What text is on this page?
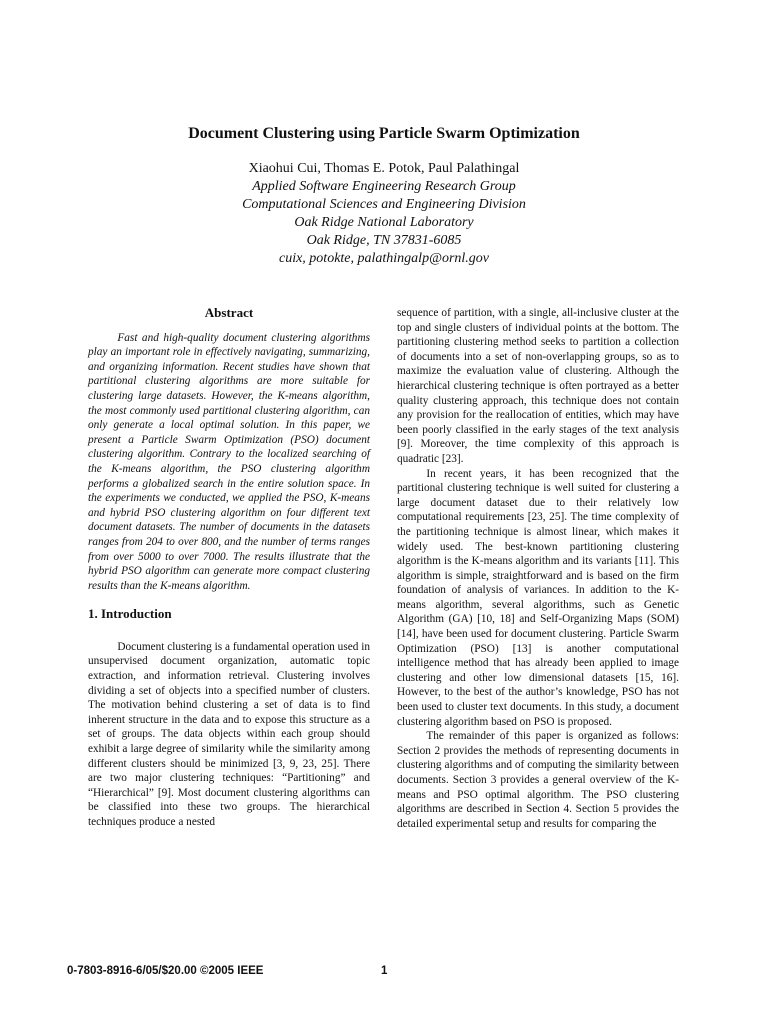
Document Clustering using Particle Swarm Optimization
Xiaohui Cui, Thomas E. Potok, Paul Palathingal
Applied Software Engineering Research Group
Computational Sciences and Engineering Division
Oak Ridge National Laboratory
Oak Ridge, TN 37831-6085
cuix, potokte, palathingalp@ornl.gov
Abstract

Fast and high-quality document clustering algorithms play an important role in effectively navigating, summarizing, and organizing information. Recent studies have shown that partitional clustering algorithms are more suitable for clustering large datasets. However, the K-means algorithm, the most commonly used partitional clustering algorithm, can only generate a local optimal solution. In this paper, we present a Particle Swarm Optimization (PSO) document clustering algorithm. Contrary to the localized searching of the K-means algorithm, the PSO clustering algorithm performs a globalized search in the entire solution space. In the experiments we conducted, we applied the PSO, K-means and hybrid PSO clustering algorithm on four different text document datasets. The number of documents in the datasets ranges from 204 to over 800, and the number of terms ranges from over 5000 to over 7000. The results illustrate that the hybrid PSO algorithm can generate more compact clustering results than the K-means algorithm.

1. Introduction

Document clustering is a fundamental operation used in unsupervised document organization, automatic topic extraction, and information retrieval. Clustering involves dividing a set of objects into a specified number of clusters. The motivation behind clustering a set of data is to find inherent structure in the data and to expose this structure as a set of groups. The data objects within each group should exhibit a large degree of similarity while the similarity among different clusters should be minimized [3, 9, 23, 25]. There are two major clustering techniques: “Partitioning” and “Hierarchical” [9]. Most document clustering algorithms can be classified into these two groups. The hierarchical techniques produce a nested

sequence of partition, with a single, all-inclusive cluster at the top and single clusters of individual points at the bottom. The partitioning clustering method seeks to partition a collection of documents into a set of non-overlapping groups, so as to maximize the evaluation value of clustering. Although the hierarchical clustering technique is often portrayed as a better quality clustering approach, this technique does not contain any provision for the reallocation of entities, which may have been poorly classified in the early stages of the text analysis [9]. Moreover, the time complexity of this approach is quadratic [23].

In recent years, it has been recognized that the partitional clustering technique is well suited for clustering a large document dataset due to their relatively low computational requirements [23, 25]. The time complexity of the partitioning technique is almost linear, which makes it widely used. The best-known partitioning clustering algorithm is the K-means algorithm and its variants [11]. This algorithm is simple, straightforward and is based on the firm foundation of analysis of variances. In addition to the K-means algorithm, several algorithms, such as Genetic Algorithm (GA) [10, 18] and Self-Organizing Maps (SOM) [14], have been used for document clustering. Particle Swarm Optimization (PSO) [13] is another computational intelligence method that has already been applied to image clustering and other low dimensional datasets [15, 16]. However, to the best of the author’s knowledge, PSO has not been used to cluster text documents. In this study, a document clustering algorithm based on PSO is proposed.

The remainder of this paper is organized as follows: Section 2 provides the methods of representing documents in clustering algorithms and of computing the similarity between documents. Section 3 provides a general overview of the K-means and PSO optimal algorithm. The PSO clustering algorithms are described in Section 4. Section 5 provides the detailed experimental setup and results for comparing the

0-7803-8916-6/05/$20.00 ©2005 IEEE	1
